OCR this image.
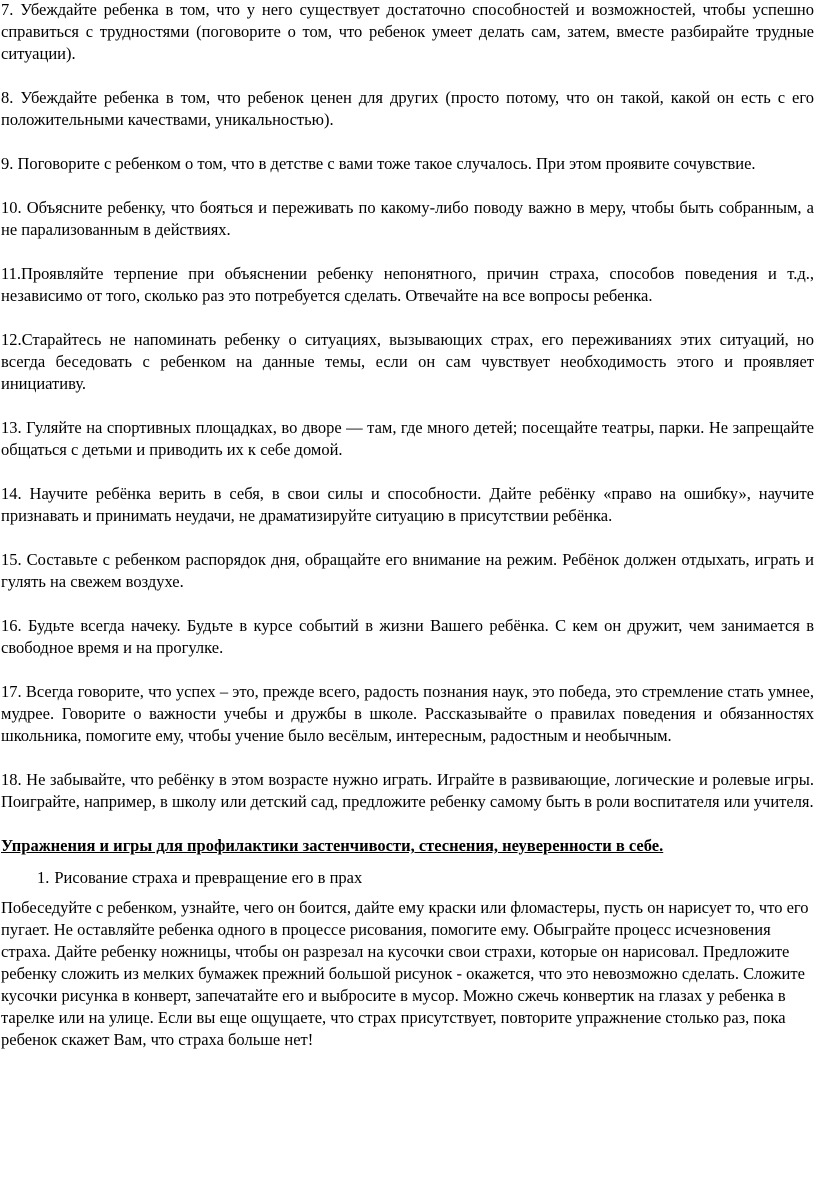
7. Убеждайте ребенка в том, что у него существует достаточно способностей и возможностей, чтобы успешно справиться с трудностями (поговорите о том, что ребенок умеет делать сам, затем, вместе разбирайте трудные ситуации).

8. Убеждайте ребенка в том, что ребенок ценен для других (просто потому, что он такой, какой он есть с его положительными качествами, уникальностью).

9. Поговорите с ребенком о том, что в детстве с вами тоже такое случалось. При этом проявите сочувствие.

10. Объясните ребенку, что бояться и переживать по какому-либо поводу важно в меру, чтобы быть собранным, а не парализованным в действиях.

11.Проявляйте терпение при объяснении ребенку непонятного, причин страха, способов поведения и т.д., независимо от того, сколько раз это потребуется сделать. Отвечайте на все вопросы ребенка.

12.Старайтесь не напоминать ребенку о ситуациях, вызывающих страх, его переживаниях этих ситуаций, но всегда беседовать с ребенком на данные темы, если он сам чувствует необходимость этого и проявляет инициативу.

13. Гуляйте на спортивных площадках, во дворе — там, где много детей; посещайте театры, парки. Не запрещайте общаться с детьми и приводить их к себе домой.

14. Научите ребёнка верить в себя, в свои силы и способности. Дайте ребёнку «право на ошибку», научите признавать и принимать неудачи, не драматизируйте ситуацию в присутствии ребёнка.

15. Составьте с ребенком распорядок дня, обращайте его внимание на режим. Ребёнок должен отдыхать, играть и гулять на свежем воздухе.

16. Будьте всегда начеку. Будьте в курсе событий в жизни Вашего ребёнка. С кем он дружит, чем занимается в свободное время и на прогулке.

17. Всегда говорите, что успех – это, прежде всего, радость познания наук, это победа, это стремление стать умнее, мудрее. Говорите о важности учебы и дружбы в школе. Рассказывайте о правилах поведения и обязанностях школьника, помогите ему, чтобы учение было весёлым, интересным, радостным и необычным.

18. Не забывайте, что ребёнку в этом возрасте нужно играть. Играйте в развивающие, логические и ролевые игры. Поиграйте, например, в школу или детский сад, предложите ребенку самому быть в роли воспитателя или учителя.

Упражнения и игры для профилактики застенчивости, стеснения, неуверенности в себе.

1. Рисование страха и превращение его в прах

Побеседуйте с ребенком, узнайте, чего он боится, дайте ему краски или фломастеры, пусть он нарисует то, что его пугает. Не оставляйте ребенка одного в процессе рисования, помогите ему. Обыграйте процесс исчезновения страха. Дайте ребенку ножницы, чтобы он разрезал на кусочки свои страхи, которые он нарисовал. Предложите ребенку сложить из мелких бумажек прежний большой рисунок - окажется, что это невозможно сделать. Сложите кусочки рисунка в конверт, запечатайте его и выбросите в мусор. Можно сжечь конвертик на глазах у ребенка в тарелке или на улице. Если вы еще ощущаете, что страх присутствует, повторите упражнение столько раз, пока ребенок скажет Вам, что страха больше нет!
